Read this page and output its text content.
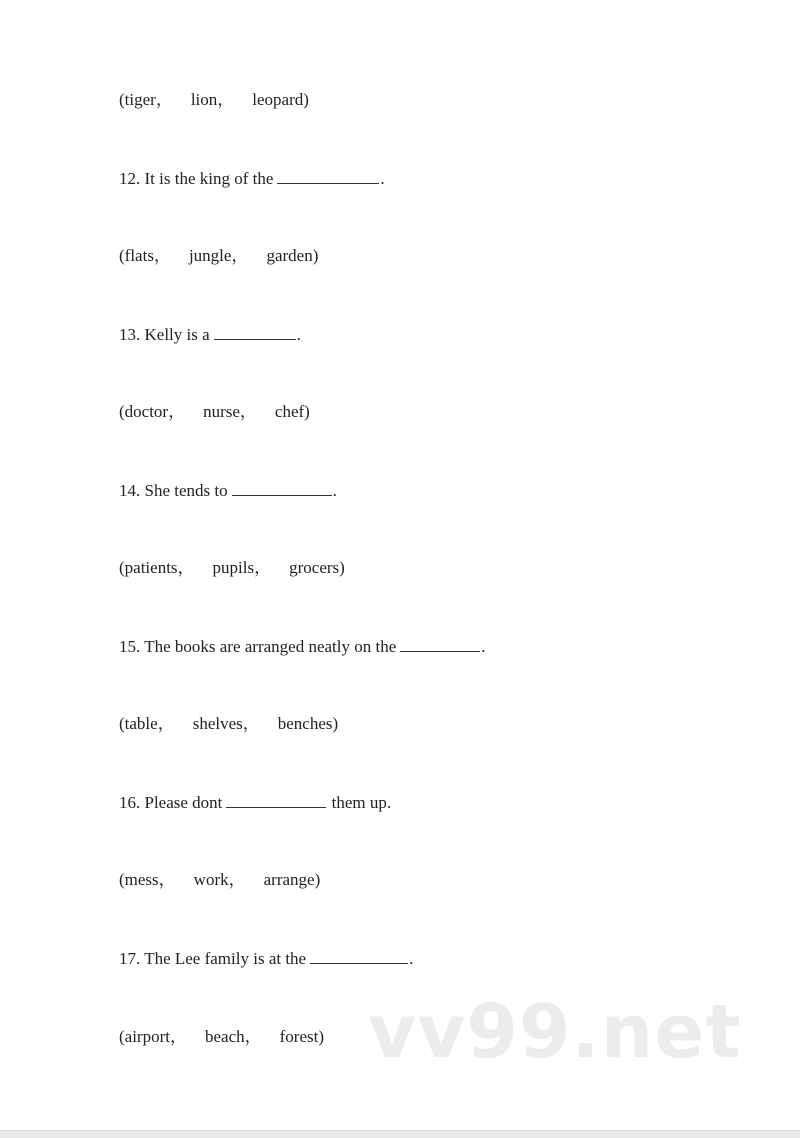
(tiger， lion， leopard)

12. It is the king of the	.

(flats， jungle， garden)

13. Kelly is a	.

(doctor， nurse， chef)

14. She tends to	.

(patients， pupils， grocers)

15. The books are arranged neatly on the	.

(table， shelves， benches)

16. Please dont	them up.

(mess， work， arrange)

17. The Lee family is at the	.

(airport， beach， forest)
vv99.net
